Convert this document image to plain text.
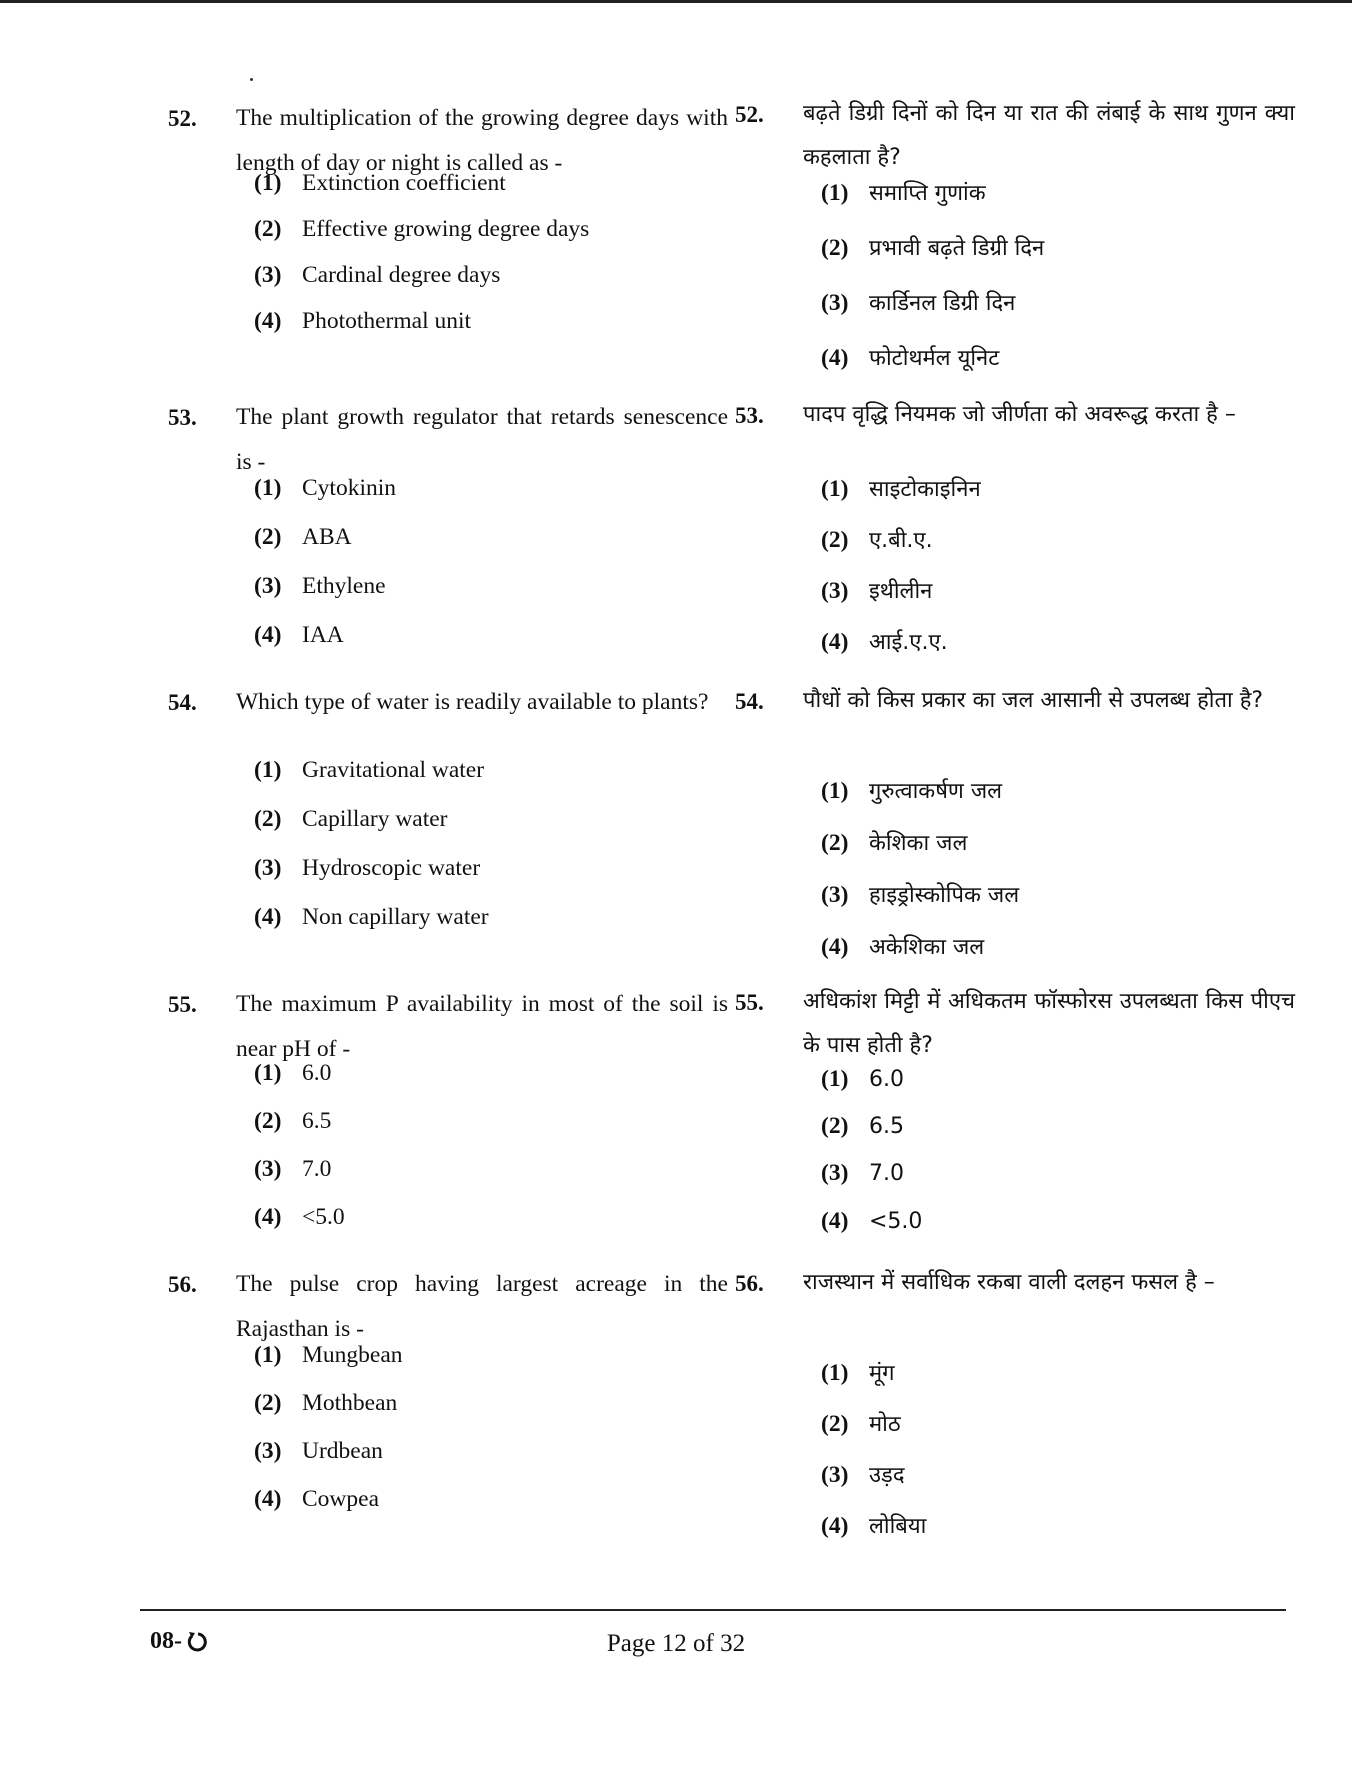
52.	The multiplication of the growing degree days with length of day or night is called as -
(1) Extinction coefficient
(2) Effective growing degree days
(3) Cardinal degree days
(4) Photothermal unit
53.	The plant growth regulator that retards senescence is -
(1) Cytokinin
(2) ABA
(3) Ethylene
(4) IAA
54.	Which type of water is readily available to plants?
(1) Gravitational water
(2) Capillary water
(3) Hydroscopic water
(4) Non capillary water
55.	The maximum P availability in most of the soil is near pH of -
(1) 6.0
(2) 6.5
(3) 7.0
(4) <5.0
56.	The pulse crop having largest acreage in the Rajasthan is -
(1) Mungbean
(2) Mothbean
(3) Urdbean
(4) Cowpea
52.	बढ़ते डिग्री दिनों को दिन या रात की लंबाई के साथ गुणन क्या कहलाता है?
(1) समाप्ति गुणांक
(2) प्रभावी बढ़ते डिग्री दिन
(3) कार्डिनल डिग्री दिन
(4) फोटोथर्मल यूनिट
53.	पादप वृद्धि नियमक जो जीर्णता को अवरूद्ध करता है –
(1) साइटोकाइनिन
(2) ए.बी.ए.
(3) इथीलीन
(4) आई.ए.ए.
54.	पौधों को किस प्रकार का जल आसानी से उपलब्ध होता है?
(1) गुरुत्वाकर्षण जल
(2) केशिका जल
(3) हाइड्रोस्कोपिक जल
(4) अकेशिका जल
55.	अधिकांश मिट्टी में अधिकतम फॉस्फोरस उपलब्धता किस पीएच के पास होती है?
(1) 6.0
(2) 6.5
(3) 7.0
(4) <5.0
56.	राजस्थान में सर्वाधिक रकबा वाली दलहन फसल है –
(1) मूंग
(2) मोठ
(3) उड़द
(4) लोबिया
08-	Page 12 of 32
